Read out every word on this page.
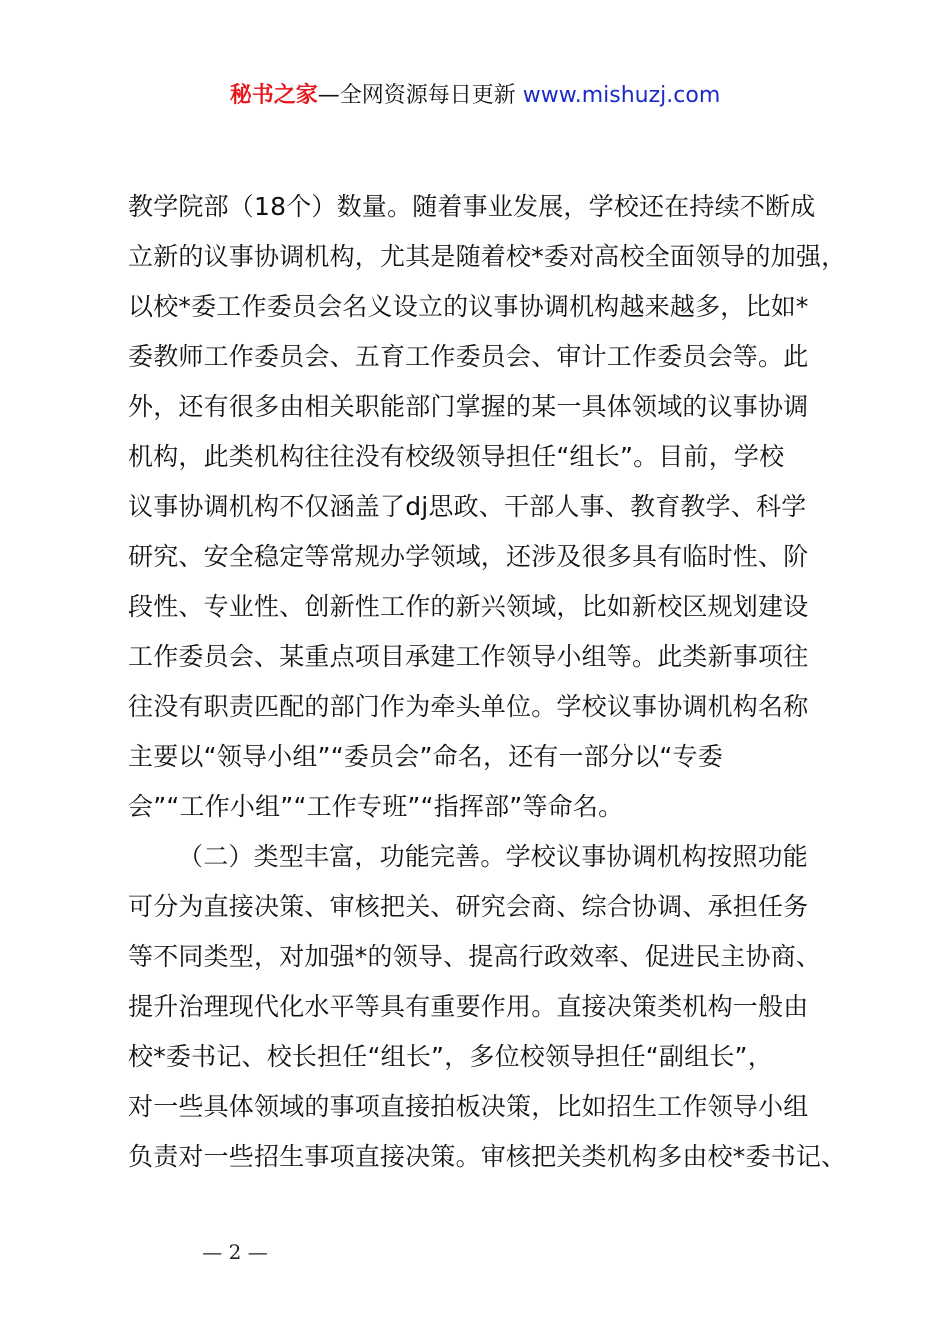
秘书之家—全网资源每日更新 www.mishuzj.com
教学院部（18个）数量。随着事业发展，学校还在持续不断成
立新的议事协调机构，尤其是随着校*委对高校全面领导的加强，
以校*委工作委员会名义设立的议事协调机构越来越多，比如*
委教师工作委员会、五育工作委员会、审计工作委员会等。此
外，还有很多由相关职能部门掌握的某一具体领域的议事协调
机构，此类机构往往没有校级领导担任“组长”。目前，学校
议事协调机构不仅涵盖了dj思政、干部人事、教育教学、科学
研究、安全稳定等常规办学领域，还涉及很多具有临时性、阶
段性、专业性、创新性工作的新兴领域，比如新校区规划建设
工作委员会、某重点项目承建工作领导小组等。此类新事项往
往没有职责匹配的部门作为牵头单位。学校议事协调机构名称
主要以“领导小组”“委员会”命名，还有一部分以“专委
会”“工作小组”“工作专班”“指挥部”等命名。
（二）类型丰富，功能完善。学校议事协调机构按照功能
可分为直接决策、审核把关、研究会商、综合协调、承担任务
等不同类型，对加强*的领导、提高行政效率、促进民主协商、
提升治理现代化水平等具有重要作用。直接决策类机构一般由
校*委书记、校长担任“组长”，多位校领导担任“副组长”，
对一些具体领域的事项直接拍板决策，比如招生工作领导小组
负责对一些招生事项直接决策。审核把关类机构多由校*委书记、
— 2 —
